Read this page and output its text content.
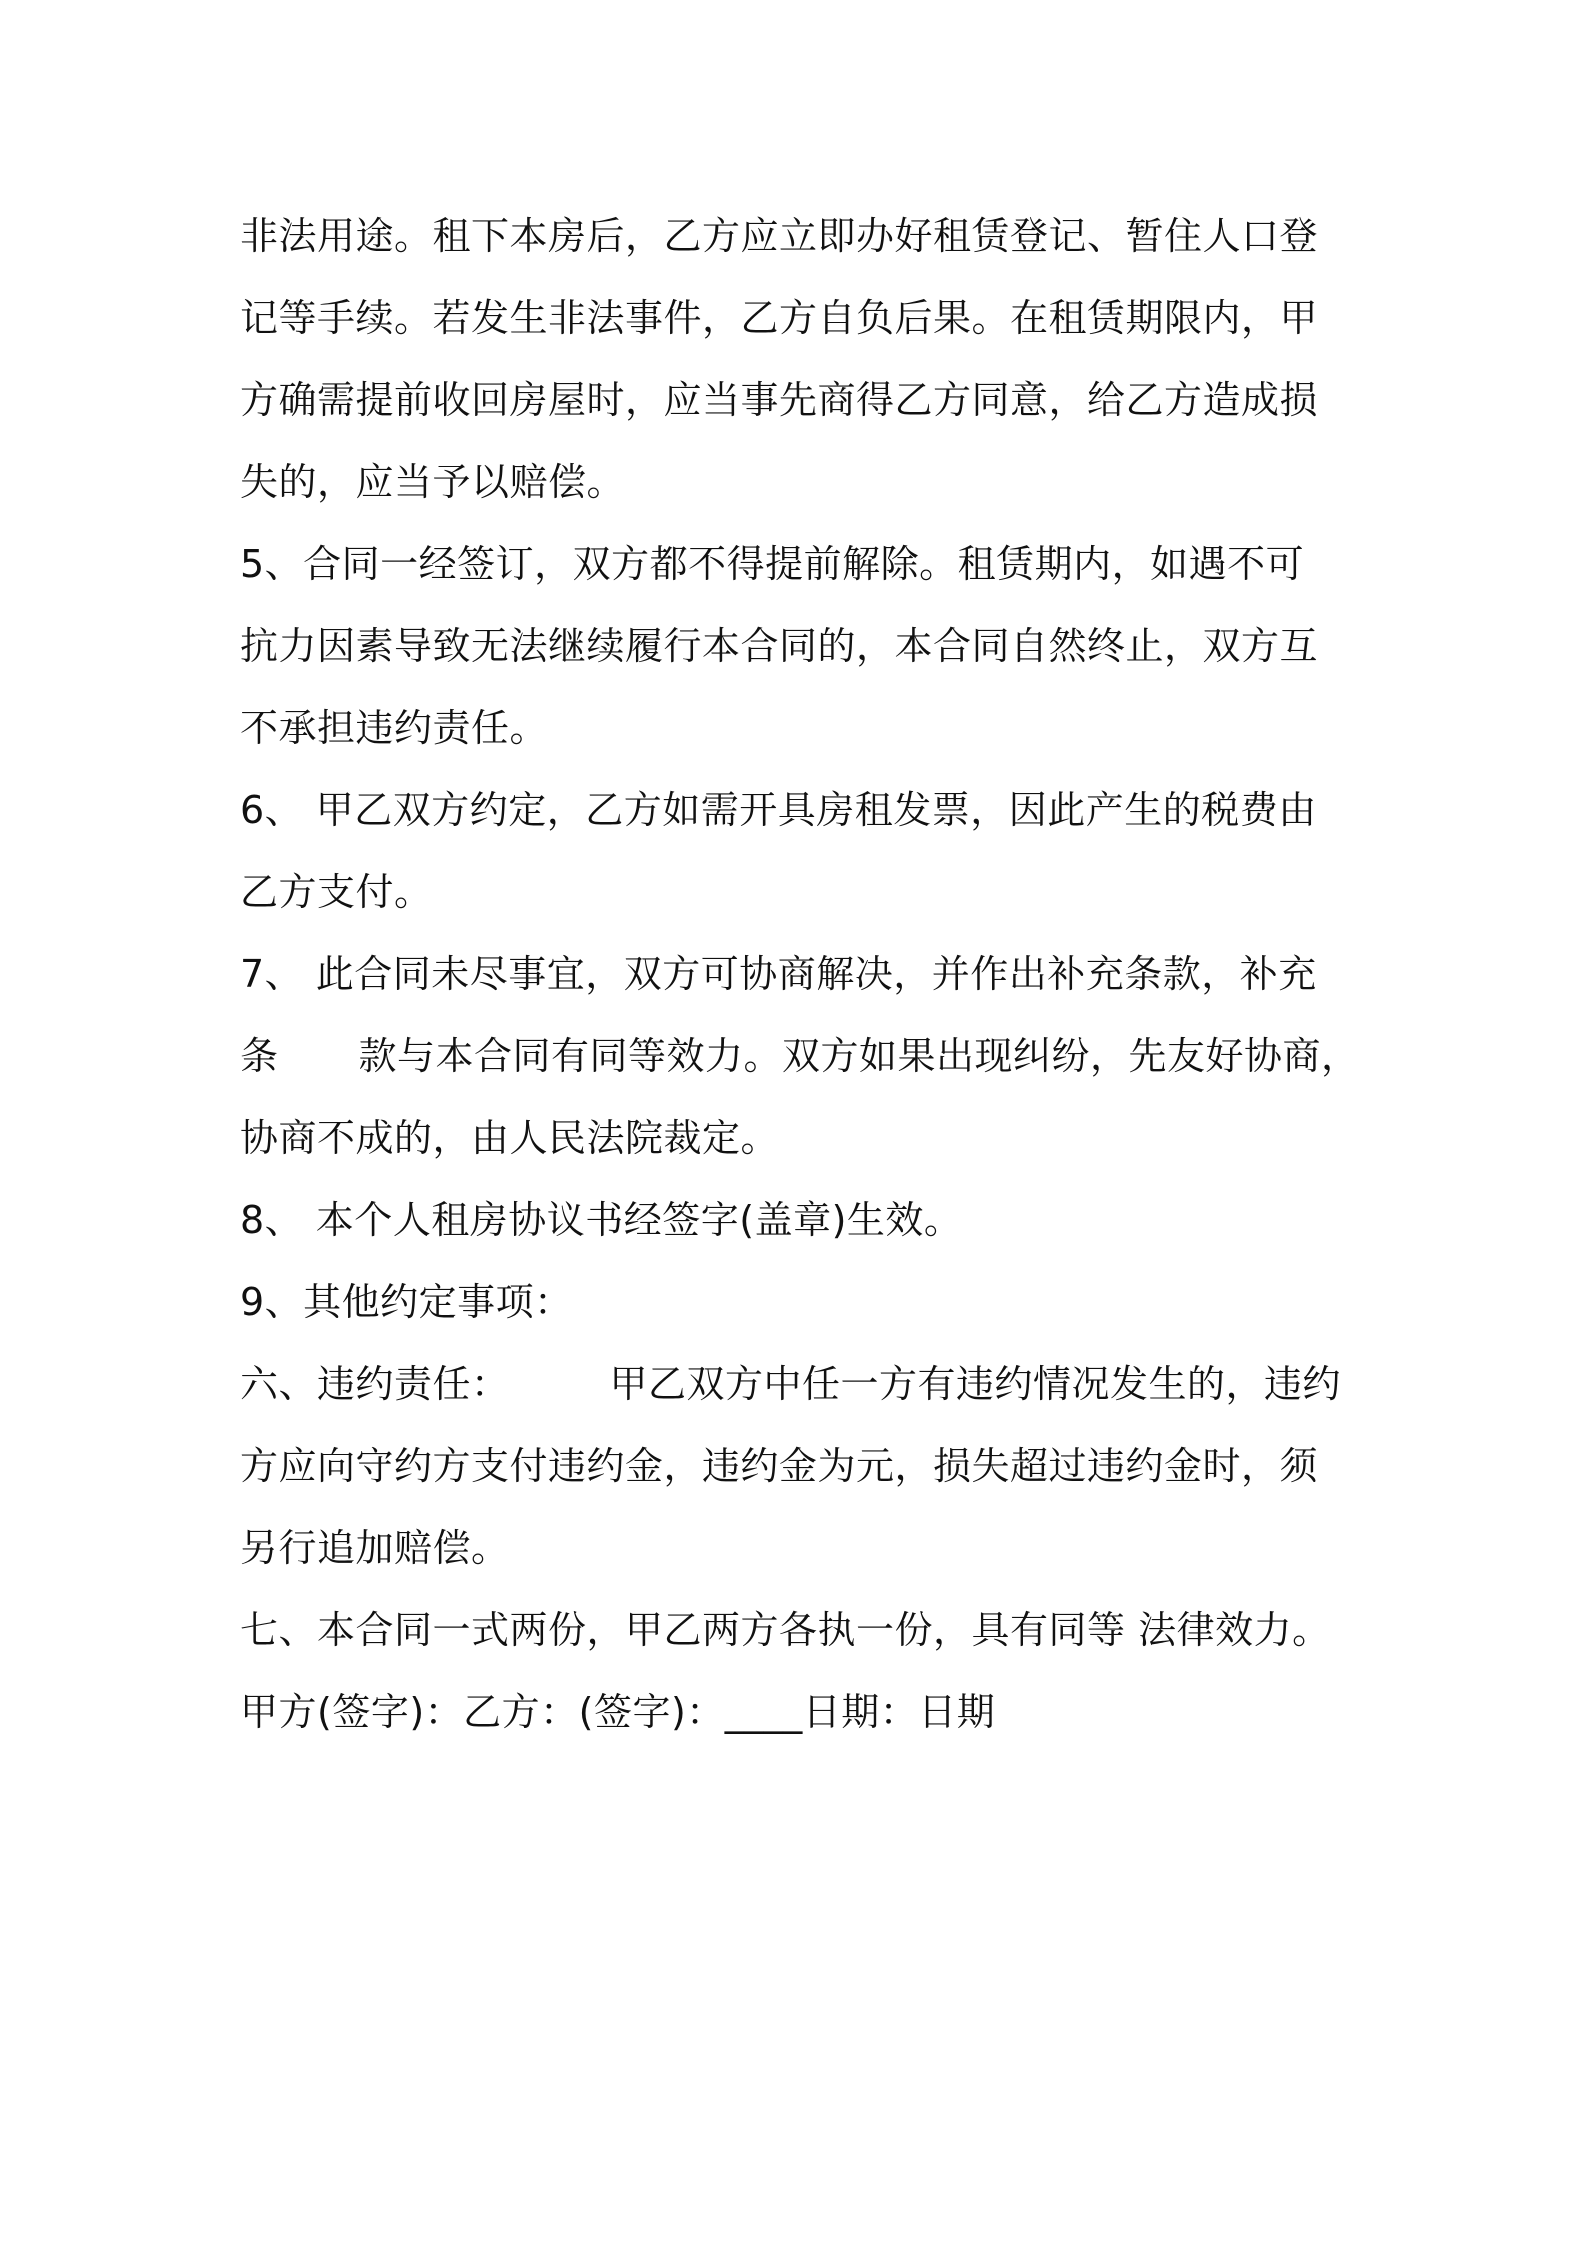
非法用途。租下本房后，乙方应立即办好租赁登记、暂住人口登
记等手续。若发生非法事件，乙方自负后果。在租赁期限内，甲
方确需提前收回房屋时，应当事先商得乙方同意，给乙方造成损
失的，应当予以赔偿。
5、合同一经签订，双方都不得提前解除。租赁期内，如遇不可
抗力因素导致无法继续履行本合同的，本合同自然终止，双方互
不承担违约责任。
6、 甲乙双方约定，乙方如需开具房租发票，因此产生的税费由
乙方支付。
7、 此合同未尽事宜，双方可协商解决，并作出补充条款，补充
条 款与本合同有同等效力。双方如果出现纠纷，先友好协商，
协商不成的，由人民法院裁定。
8、 本个人租房协议书经签字(盖章)生效。
9、其他约定事项：
六、违约责任：	甲乙双方中任一方有违约情况发生的，违约
方应向守约方支付违约金，违约金为元，损失超过违约金时，须
另行追加赔偿。
七、本合同一式两份，甲乙两方各执一份，具有同等 法律效力。
甲方(签字)：乙方：(签字)：____日期：日期
